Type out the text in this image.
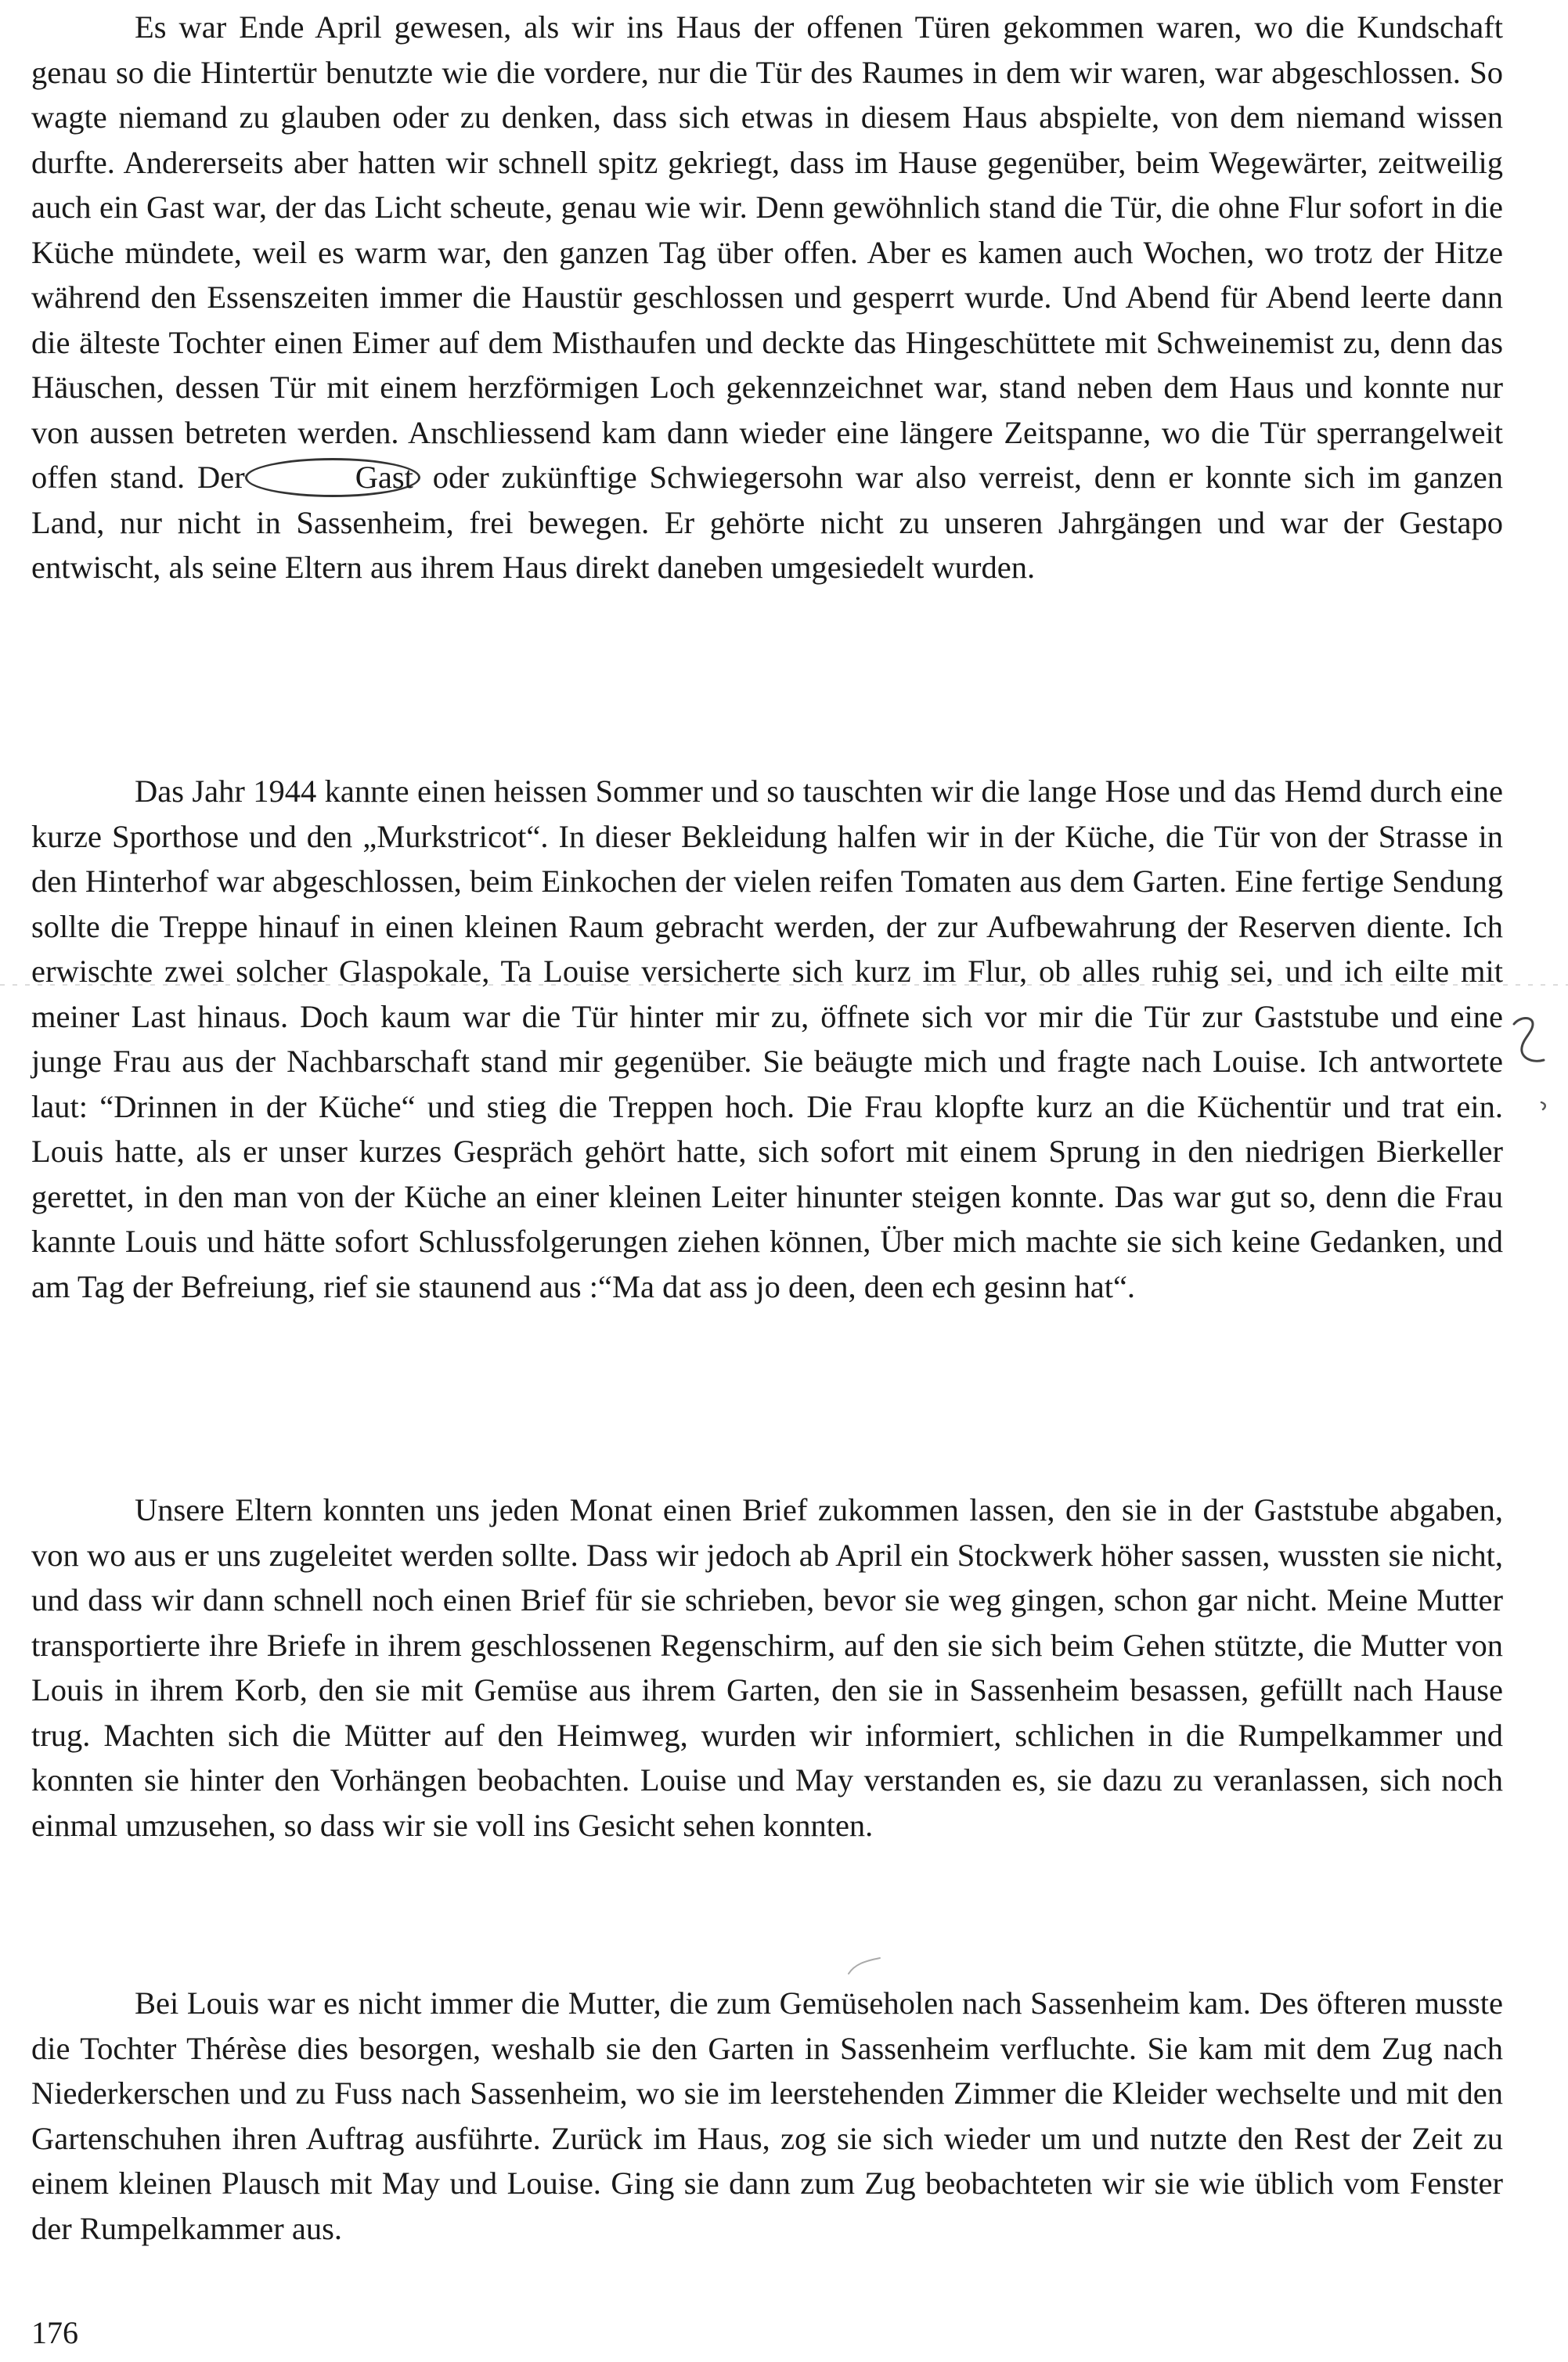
Es war Ende April gewesen, als wir ins Haus der offenen Türen gekommen waren, wo die Kundschaft genau so die Hintertür benutzte wie die vordere, nur die Tür des Raumes in dem wir waren, war abgeschlossen. So wagte niemand zu glauben oder zu denken, dass sich etwas in diesem Haus abspielte, von dem niemand wissen durfte. Andererseits aber hatten wir schnell spitz gekriegt, dass im Hause gegenüber, beim Wegewärter, zeitweilig auch ein Gast war, der das Licht scheute, genau wie wir. Denn gewöhnlich stand die Tür, die ohne Flur sofort in die Küche mündete, weil es warm war, den ganzen Tag über offen. Aber es kamen auch Wochen, wo trotz der Hitze während den Essenszeiten immer die Haustür geschlossen und gesperrt wurde. Und Abend für Abend leerte dann die älteste Tochter einen Eimer auf dem Misthaufen und deckte das Hingeschüttete mit Schweinemist zu, denn das Häuschen, dessen Tür mit einem herzförmigen Loch gekennzeichnet war, stand neben dem Haus und konnte nur von aussen betreten werden. Anschliessend kam dann wieder eine längere Zeitspanne, wo die Tür sperrangelweit offen stand. Der	Gast oder zukünftige Schwiegersohn war also verreist, denn er konnte sich im ganzen Land, nur nicht in Sassenheim, frei bewegen. Er gehörte nicht zu unseren Jahrgängen und war der Gestapo entwischt, als seine Eltern aus ihrem Haus direkt daneben umgesiedelt wurden.

Das Jahr 1944 kannte einen heissen Sommer und so tauschten wir die lange Hose und das Hemd durch eine kurze Sporthose und den „Murkstricot“. In dieser Bekleidung halfen wir in der Küche, die Tür von der Strasse in den Hinterhof war abgeschlossen, beim Einkochen der vielen reifen Tomaten aus dem Garten. Eine fertige Sendung sollte die Treppe hinauf in einen kleinen Raum gebracht werden, der zur Aufbewahrung der Reserven diente. Ich erwischte zwei solcher Glaspokale, Ta Louise versicherte sich kurz im Flur, ob alles ruhig sei, und ich eilte mit meiner Last hinaus. Doch kaum war die Tür hinter mir zu, öffnete sich vor mir die Tür zur Gaststube und eine junge Frau aus der Nachbarschaft stand mir gegenüber. Sie beäugte mich und fragte nach Louise. Ich antwortete laut: “Drinnen in der Küche“ und stieg die Treppen hoch. Die Frau klopfte kurz an die Küchentür und trat ein. Louis hatte, als er unser kurzes Gespräch gehört hatte, sich sofort mit einem Sprung in den niedrigen Bierkeller gerettet, in den man von der Küche an einer kleinen Leiter hinunter steigen konnte. Das war gut so, denn die Frau kannte Louis und hätte sofort Schlussfolgerungen ziehen können, Über mich machte sie sich keine Gedanken, und am Tag der Befreiung, rief sie staunend aus :“Ma dat ass jo deen, deen ech gesinn hat“.

Unsere Eltern konnten uns jeden Monat einen Brief zukommen lassen, den sie in der Gaststube abgaben, von wo aus er uns zugeleitet werden sollte. Dass wir jedoch ab April ein Stockwerk höher sassen, wussten sie nicht, und dass wir dann schnell noch einen Brief für sie schrieben, bevor sie weg gingen, schon gar nicht. Meine Mutter transportierte ihre Briefe in ihrem geschlossenen Regenschirm, auf den sie sich beim Gehen stützte, die Mutter von Louis in ihrem Korb, den sie mit Gemüse aus ihrem Garten, den sie in Sassenheim besassen, gefüllt nach Hause trug. Machten sich die Mütter auf den Heimweg, wurden wir informiert, schlichen in die Rumpelkammer und konnten sie hinter den Vorhängen beobachten. Louise und May verstanden es, sie dazu zu veranlassen, sich noch einmal umzusehen, so dass wir sie voll ins Gesicht sehen konnten.

Bei Louis war es nicht immer die Mutter, die zum Gemüseholen nach Sassenheim kam. Des öfteren musste die Tochter Thérèse dies besorgen, weshalb sie den Garten in Sassenheim verfluchte. Sie kam mit dem Zug nach Niederkerschen und zu Fuss nach Sassenheim, wo sie im leerstehenden Zimmer die Kleider wechselte und mit den Gartenschuhen ihren Auftrag ausführte. Zurück im Haus, zog sie sich wieder um und nutzte den Rest der Zeit zu einem kleinen Plausch mit May und Louise. Ging sie dann zum Zug beobachteten wir sie wie üblich vom Fenster der Rumpelkammer aus.

176
